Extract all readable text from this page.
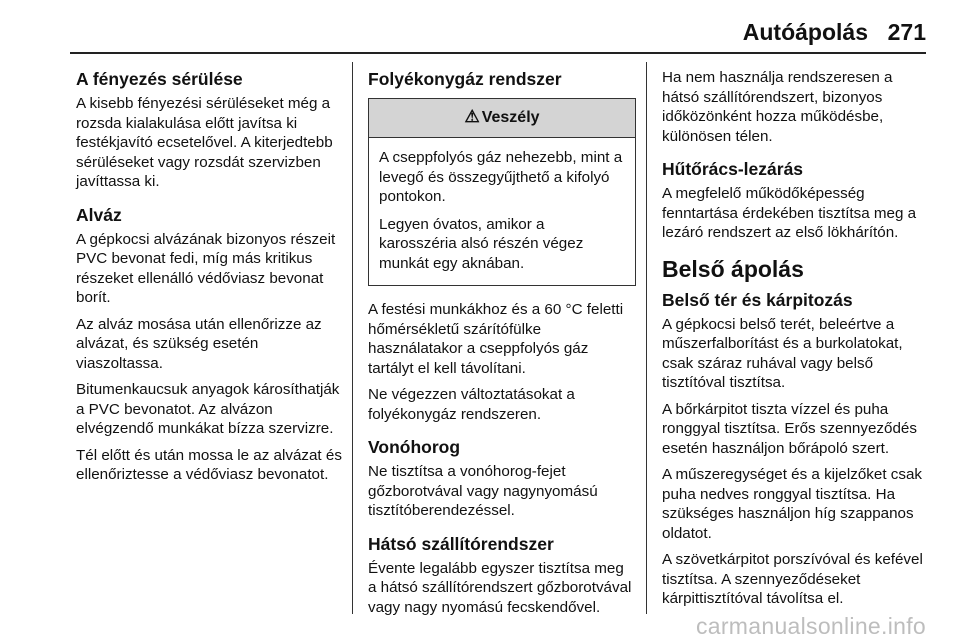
Autóápolás 271
A fényezés sérülése

A kisebb fényezési sérüléseket még a rozsda kialakulása előtt javítsa ki festékjavító ecsetelővel. A kiterjedtebb sérüléseket vagy rozsdát szervizben javíttassa ki.

Alváz

A gépkocsi alvázának bizonyos részeit PVC bevonat fedi, míg más kritikus részeket ellenálló védőviasz bevonat borít.

Az alváz mosása után ellenőrizze az alvázat, és szükség esetén viaszoltassa.

Bitumenkaucsuk anyagok károsíthatják a PVC bevonatot. Az alvázon elvégzendő munkákat bízza szervizre.

Tél előtt és után mossa le az alvázat és ellenőriztesse a védőviasz bevonatot.

Folyékonygáz rendszer
⚠ Veszély

A cseppfolyós gáz nehezebb, mint a levegő és összegyűjthető a kifolyó pontokon.

Legyen óvatos, amikor a karosszéria alsó részén végez munkát egy aknában.

A festési munkákhoz és a 60 °C feletti hőmérsékletű szárítófülke használatakor a cseppfolyós gáz tartályt el kell távolítani.

Ne végezzen változtatásokat a folyékonygáz rendszeren.

Vonóhorog

Ne tisztítsa a vonóhorog-fejet gőzborotvával vagy nagynyomású tisztítóberendezéssel.

Hátsó szállítórendszer

Évente legalább egyszer tisztítsa meg a hátsó szállítórendszert gőzborotvával vagy nagy nyomású fecskendővel.

Ha nem használja rendszeresen a hátsó szállítórendszert, bizonyos időközönként hozza működésbe, különösen télen.

Hűtőrács-lezárás

A megfelelő működőképesség fenntartása érdekében tisztítsa meg a lezáró rendszert az első lökhárítón.

Belső ápolás
Belső tér és kárpitozás

A gépkocsi belső terét, beleértve a műszerfalborítást és a burkolatokat, csak száraz ruhával vagy belső tisztítóval tisztítsa.

A bőrkárpitot tiszta vízzel és puha ronggyal tisztítsa. Erős szennyeződés esetén használjon bőrápoló szert.

A műszeregységet és a kijelzőket csak puha nedves ronggyal tisztítsa. Ha szükséges használjon híg szappanos oldatot.

A szövetkárpitot porszívóval és kefével tisztítsa. A szennyeződéseket kárpittisztítóval távolítsa el.

carmanualsonline.info
